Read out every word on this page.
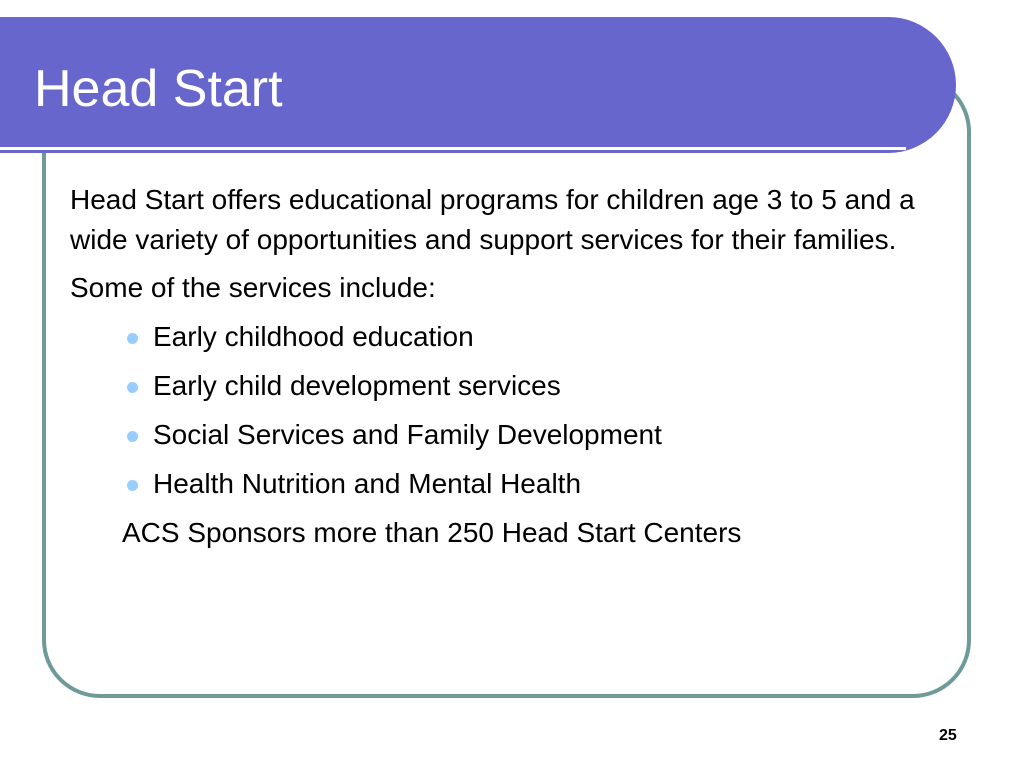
Head Start

Head Start offers educational programs for children age 3 to 5 and a wide variety of opportunities and support services for their families.

Some of the services include:

Early childhood education
Early child development services
Social Services and Family Development
Health Nutrition and Mental Health

ACS Sponsors more than 250 Head Start Centers

25
